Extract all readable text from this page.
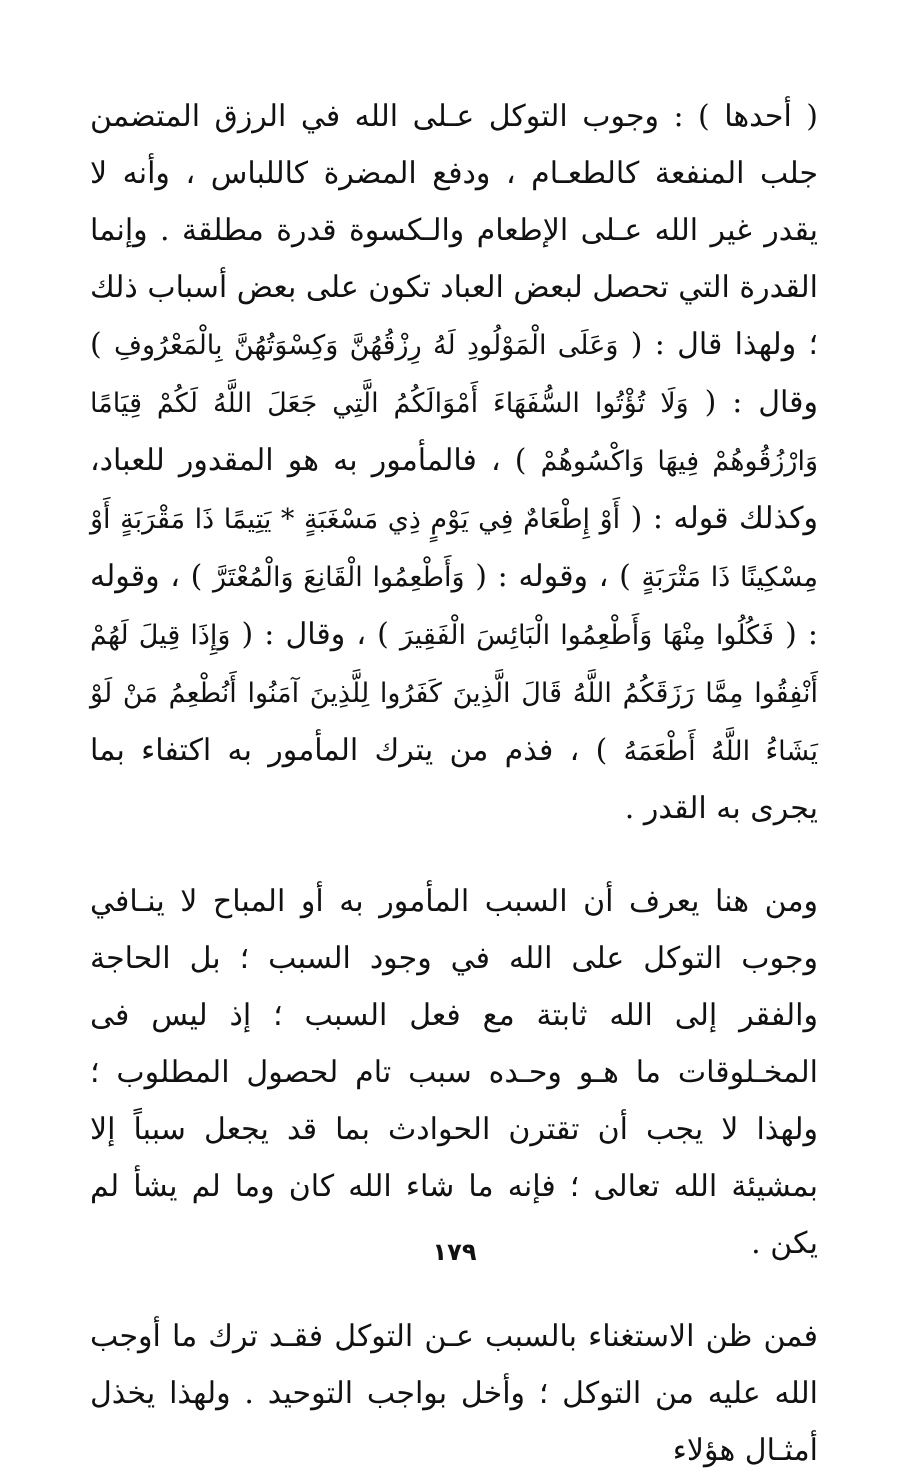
( أحدها ) : وجوب التوكل عـلى الله في الرزق المتضمن جلب المنفعة كالطعـام ، ودفع المضرة كاللباس ، وأنه لا يقدر غير الله عـلى الإطعام والـكسوة قدرة مطلقة . وإنما القدرة التي تحصل لبعض العباد تكون على بعض أسباب ذلك ؛ ولهذا قال : ( وَعَلَى الْمَوْلُودِ لَهُ رِزْقُهُنَّ وَكِسْوَتُهُنَّ بِالْمَعْرُوفِ ) وقال : ( وَلَا تُؤْتُوا السُّفَهَاءَ أَمْوَالَكُمُ الَّتِي جَعَلَ اللَّهُ لَكُمْ قِيَامًا وَارْزُقُوهُمْ فِيهَا وَاكْسُوهُمْ ) ، فالمأمور به هو المقدور للعباد، وكذلك قوله : ( أَوْ إِطْعَامٌ فِي يَوْمٍ ذِي مَسْغَبَةٍ * يَتِيمًا ذَا مَقْرَبَةٍ أَوْ مِسْكِينًا ذَا مَتْرَبَةٍ ) ، وقوله : ( وَأَطْعِمُوا الْقَانِعَ وَالْمُعْتَرَّ ) ، وقوله : ( فَكُلُوا مِنْهَا وَأَطْعِمُوا الْبَائِسَ الْفَقِيرَ ) ، وقال : ( وَإِذَا قِيلَ لَهُمْ أَنْفِقُوا مِمَّا رَزَقَكُمُ اللَّهُ قَالَ الَّذِينَ كَفَرُوا لِلَّذِينَ آمَنُوا أَنُطْعِمُ مَنْ لَوْ يَشَاءُ اللَّهُ أَطْعَمَهُ ) ، فذم من يترك المأمور به اكتفاء بما يجرى به القدر .

ومن هنا يعرف أن السبب المأمور به أو المباح لا ينـافي وجوب التوكل على الله في وجود السبب ؛ بل الحاجة والفقر إلى الله ثابتة مع فعل السبب ؛ إذ ليس فى المخـلوقات ما هـو وحـده سبب تام لحصول المطلوب ؛ ولهذا لا يجب أن تقترن الحوادث بما قد يجعل سبباً إلا بمشيئة الله تعالى ؛ فإنه ما شاء الله كان وما لم يشأ لم يكن .

فمن ظن الاستغناء بالسبب عـن التوكل فقـد ترك ما أوجب الله عليه من التوكل ؛ وأخل بواجب التوحيد . ولهذا يخذل أمثـال هؤلاء

١٧٩
